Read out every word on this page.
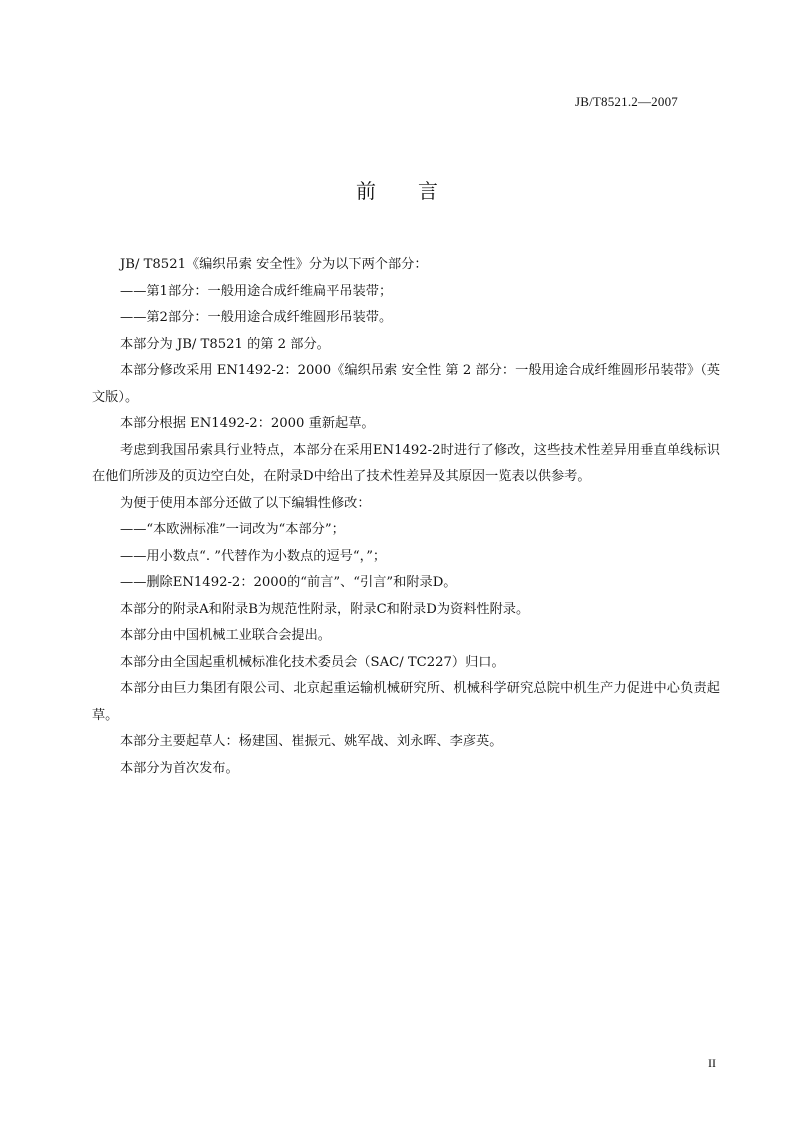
JB/T8521.2—2007
前言

JB/ T8521《编织吊索 安全性》分为以下两个部分：

——第1部分：一般用途合成纤维扁平吊装带；

——第2部分：一般用途合成纤维圆形吊装带。

本部分为 JB/ T8521 的第 2 部分。

本部分修改采用 EN1492-2：2000《编织吊索 安全性 第 2 部分：一般用途合成纤维圆形吊装带》（英文版）。

本部分根据 EN1492-2：2000 重新起草。

考虑到我国吊索具行业特点，本部分在采用EN1492-2时进行了修改，这些技术性差异用垂直单线标识在他们所涉及的页边空白处，在附录D中给出了技术性差异及其原因一览表以供参考。

为便于使用本部分还做了以下编辑性修改：

——“本欧洲标准”一词改为“本部分”；

——用小数点“. ”代替作为小数点的逗号“，”；

——删除EN1492-2：2000的“前言”、“引言”和附录D。

本部分的附录A和附录B为规范性附录，附录C和附录D为资料性附录。

本部分由中国机械工业联合会提出。

本部分由全国起重机械标准化技术委员会（SAC/ TC227）归口。

本部分由巨力集团有限公司、北京起重运输机械研究所、机械科学研究总院中机生产力促进中心负责起草。

本部分主要起草人：杨建国、崔振元、姚军战、刘永晖、李彦英。

本部分为首次发布。

II
